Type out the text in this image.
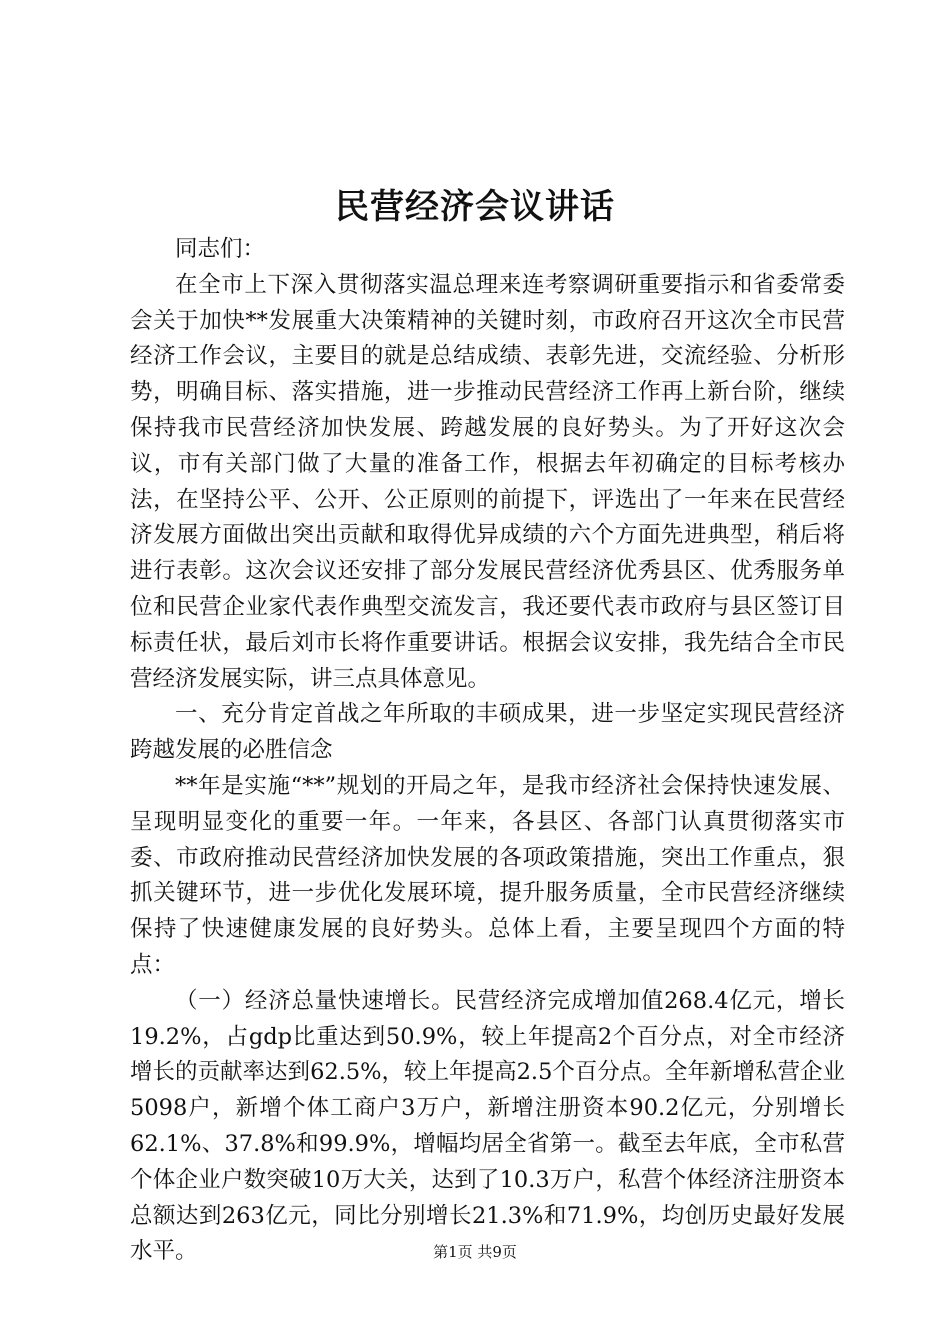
民营经济会议讲话

同志们：

在全市上下深入贯彻落实温总理来连考察调研重要指示和省委常委会关于加快**发展重大决策精神的关键时刻，市政府召开这次全市民营经济工作会议，主要目的就是总结成绩、表彰先进，交流经验、分析形势，明确目标、落实措施，进一步推动民营经济工作再上新台阶，继续保持我市民营经济加快发展、跨越发展的良好势头。为了开好这次会议，市有关部门做了大量的准备工作，根据去年初确定的目标考核办法，在坚持公平、公开、公正原则的前提下，评选出了一年来在民营经济发展方面做出突出贡献和取得优异成绩的六个方面先进典型，稍后将进行表彰。这次会议还安排了部分发展民营经济优秀县区、优秀服务单位和民营企业家代表作典型交流发言，我还要代表市政府与县区签订目标责任状，最后刘市长将作重要讲话。根据会议安排，我先结合全市民营经济发展实际，讲三点具体意见。

一、充分肯定首战之年所取的丰硕成果，进一步坚定实现民营经济跨越发展的必胜信念

**年是实施“**”规划的开局之年，是我市经济社会保持快速发展、呈现明显变化的重要一年。一年来，各县区、各部门认真贯彻落实市委、市政府推动民营经济加快发展的各项政策措施，突出工作重点，狠抓关键环节，进一步优化发展环境，提升服务质量，全市民营经济继续保持了快速健康发展的良好势头。总体上看，主要呈现四个方面的特点：

（一）经济总量快速增长。民营经济完成增加值268.4亿元，增长19.2%，占gdp比重达到50.9%，较上年提高2个百分点，对全市经济增长的贡献率达到62.5%，较上年提高2.5个百分点。全年新增私营企业5098户，新增个体工商户3万户，新增注册资本90.2亿元，分别增长62.1%、37.8%和99.9%，增幅均居全省第一。截至去年底，全市私营个体企业户数突破10万大关，达到了10.3万户，私营个体经济注册资本总额达到263亿元，同比分别增长21.3%和71.9%，均创历史最好发展水平。	第1页 共9页
